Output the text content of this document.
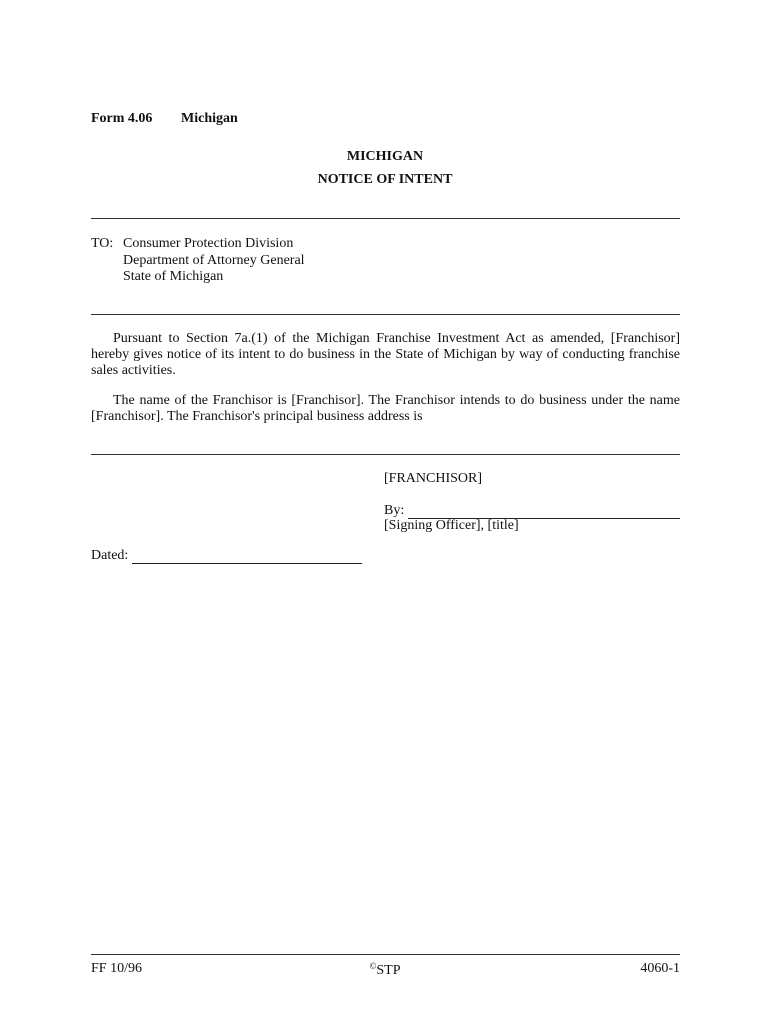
Form 4.06 Michigan
MICHIGAN
NOTICE OF INTENT
TO: Consumer Protection Division
Department of Attorney General
State of Michigan
Pursuant to Section 7a.(1) of the Michigan Franchise Investment Act as amended, [Franchisor] hereby gives notice of its intent to do business in the State of Michigan by way of conducting franchise sales activities.
The name of the Franchisor is [Franchisor]. The Franchisor intends to do business under the name [Franchisor]. The Franchisor's principal business address is
[FRANCHISOR]
By:
[Signing Officer], [title]
Dated:
FF 10/96	©STP	4060-1
